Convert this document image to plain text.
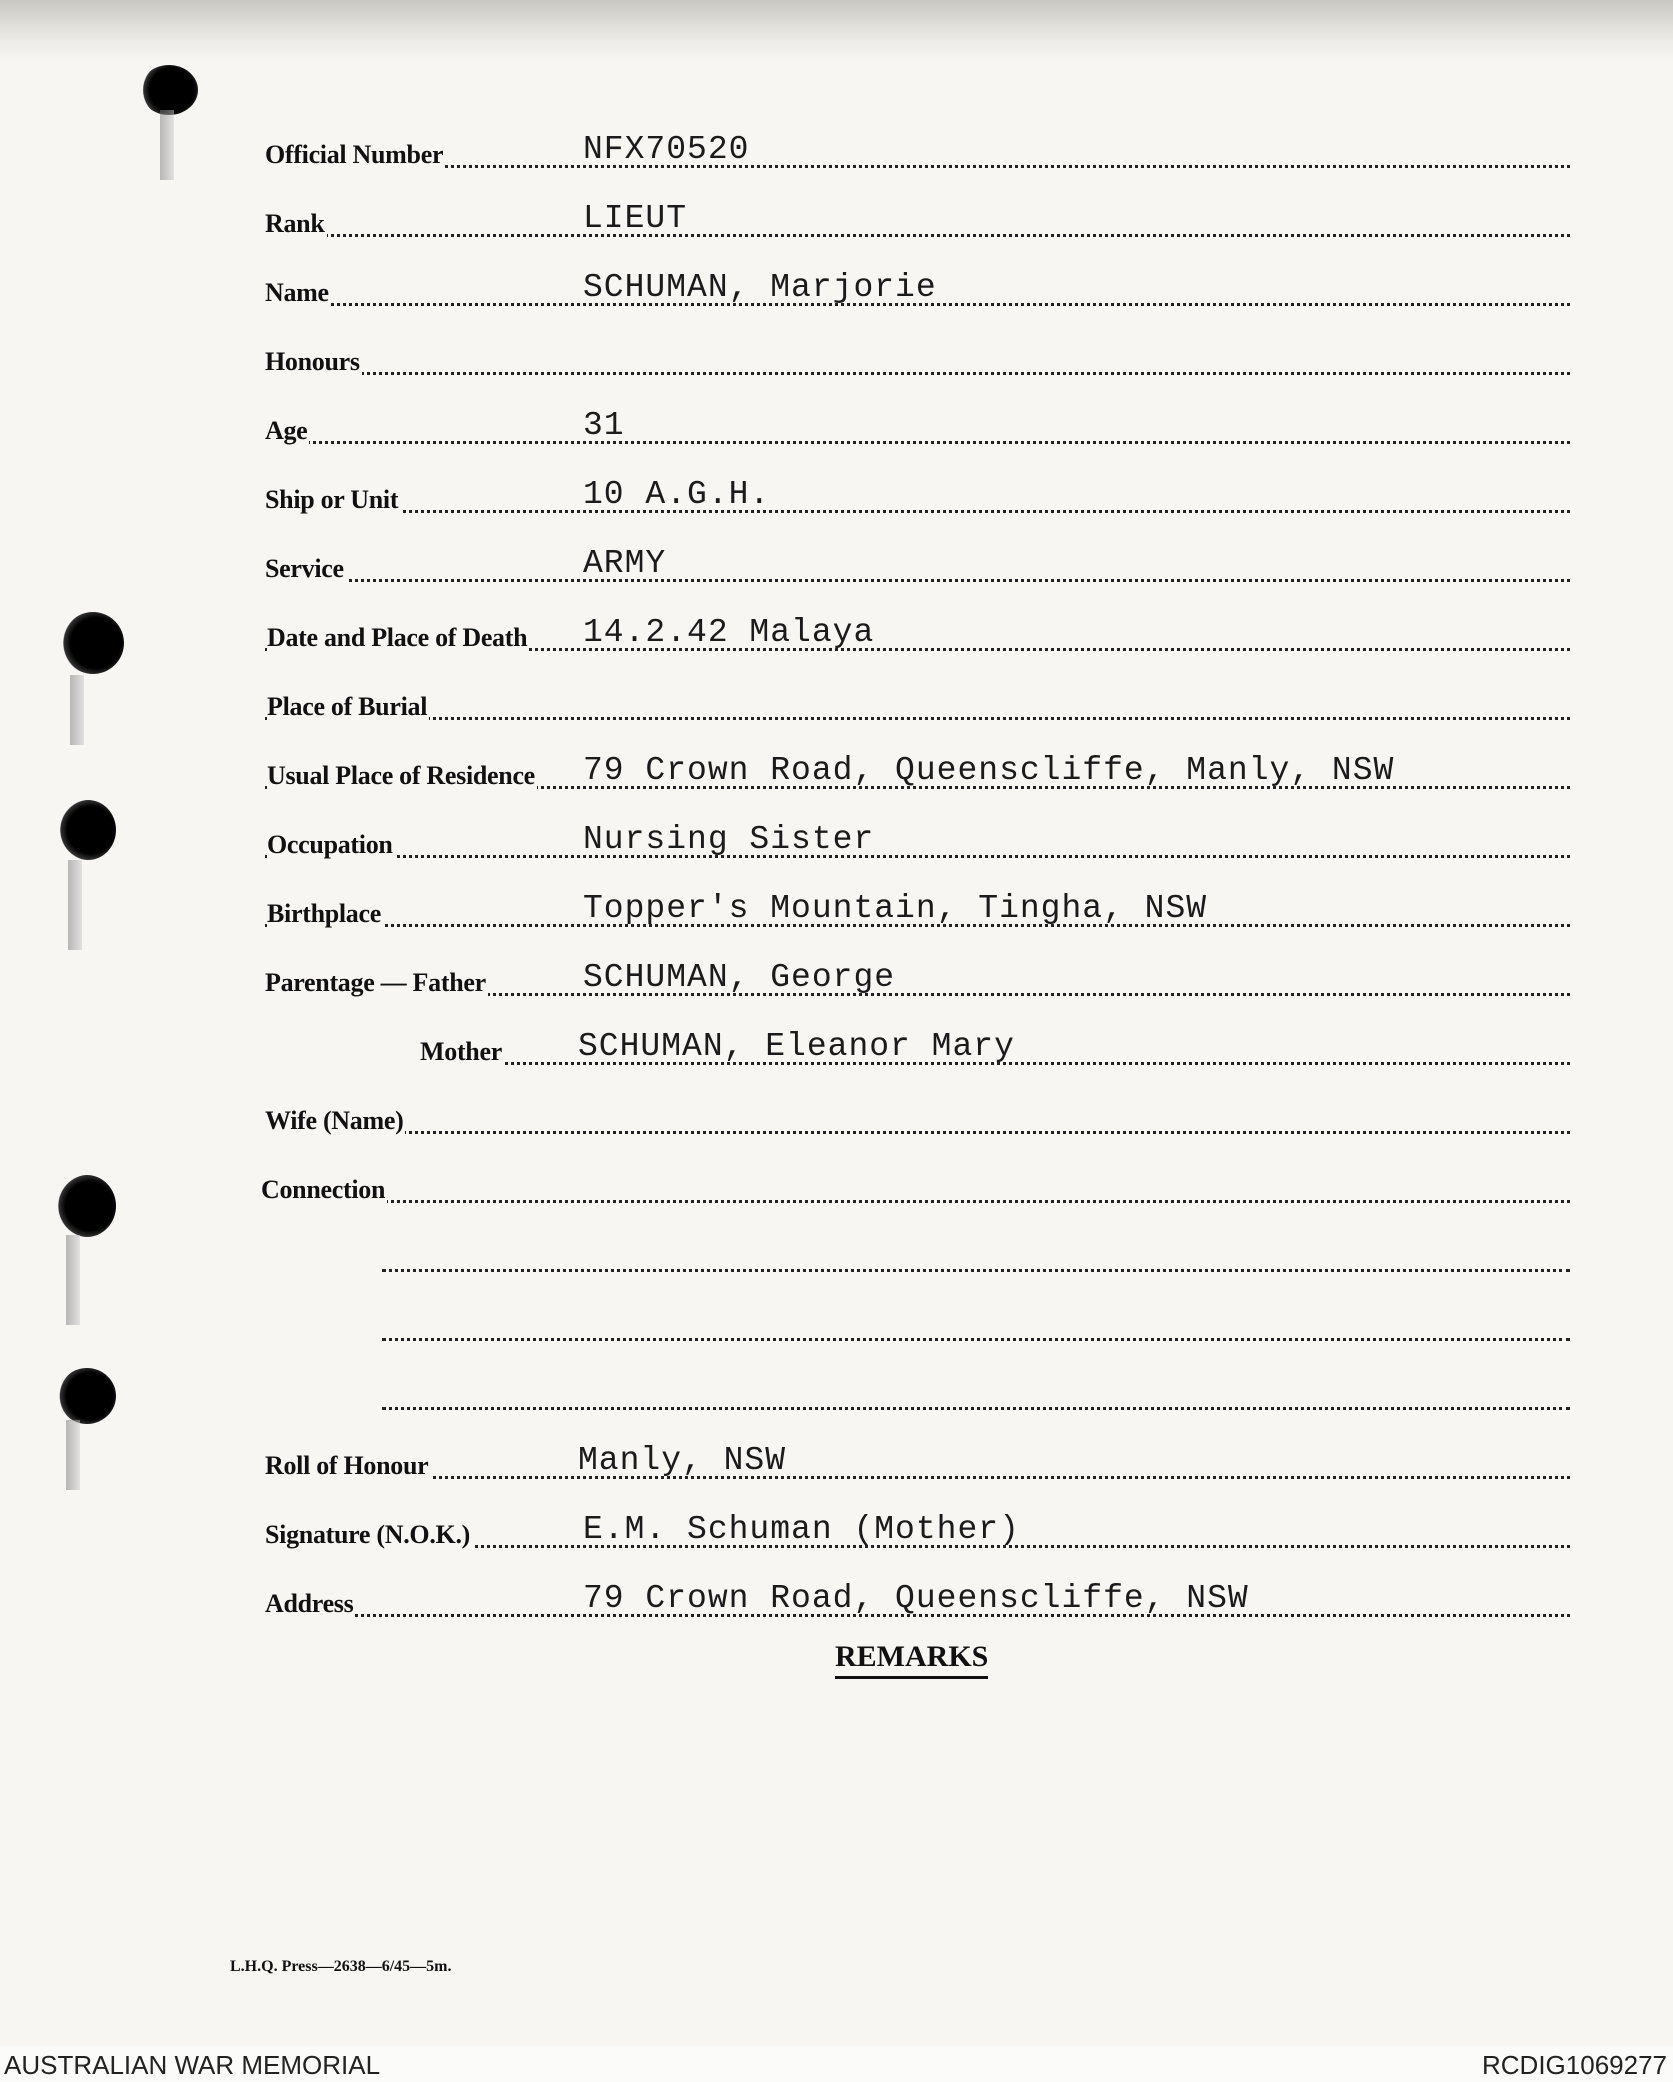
Official Number	NFX70520
Rank	LIEUT
Name	SCHUMAN, Marjorie
Honours
Age	31
Ship or Unit	10 A.G.H.
Service	ARMY
Date and Place of Death 14.2.42 Malaya
Place of Burial
Usual Place of Residence 79 Crown Road, Queenscliffe, Manly, NSW
Occupation	Nursing Sister
Birthplace	Topper's Mountain, Tingha, NSW
Parentage — Father	SCHUMAN, George
Mother SCHUMAN, Eleanor Mary
Wife (Name)
Connection
Roll of Honour	Manly, NSW
Signature (N.O.K.)	E.M. Schuman (Mother)
Address	79 Crown Road, Queenscliffe, NSW
REMARKS
L.H.Q. Press—2638—6/45—5m.
AUSTRALIAN WAR MEMORIAL	RCDIG1069277
